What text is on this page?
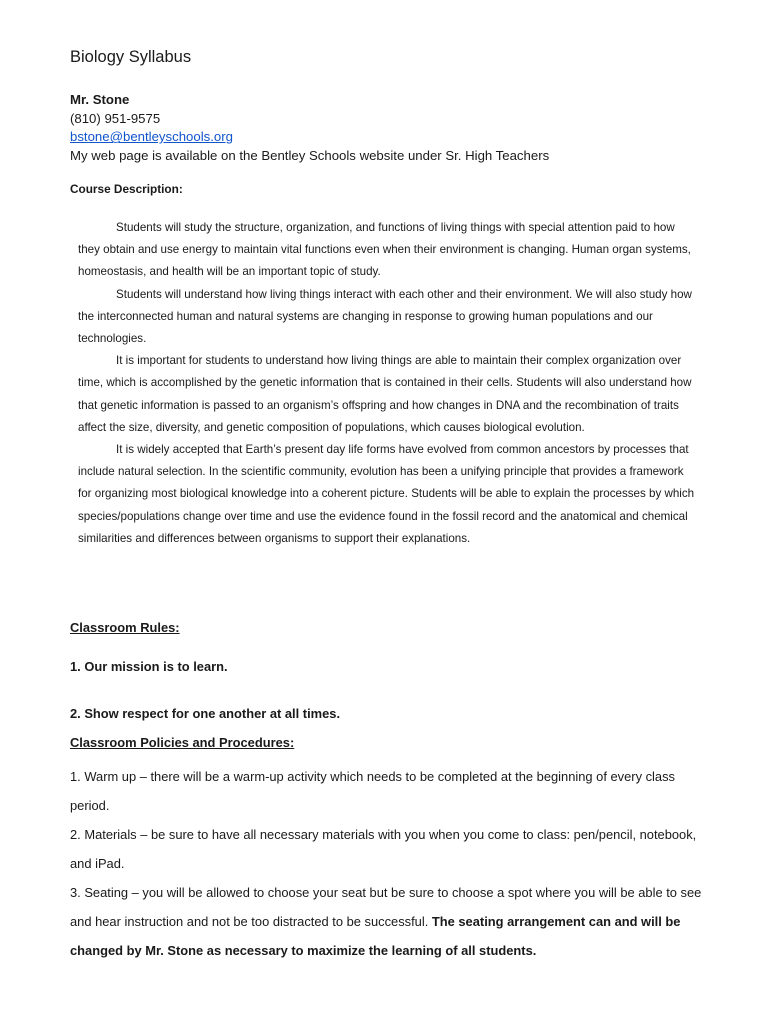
Biology Syllabus
Mr. Stone
(810) 951-9575
bstone@bentleyschools.org
My web page is available on the Bentley Schools website under Sr. High Teachers
Course Description:

Students will study the structure, organization, and functions of living things with special attention paid to how they obtain and use energy to maintain vital functions even when their environment is changing. Human organ systems, homeostasis, and health will be an important topic of study.

Students will understand how living things interact with each other and their environment. We will also study how the interconnected human and natural systems are changing in response to growing human populations and our technologies.

It is important for students to understand how living things are able to maintain their complex organization over time, which is accomplished by the genetic information that is contained in their cells. Students will also understand how that genetic information is passed to an organism’s offspring and how changes in DNA and the recombination of traits affect the size, diversity, and genetic composition of populations, which causes biological evolution.

It is widely accepted that Earth’s present day life forms have evolved from common ancestors by processes that include natural selection. In the scientific community, evolution has been a unifying principle that provides a framework for organizing most biological knowledge into a coherent picture. Students will be able to explain the processes by which species/populations change over time and use the evidence found in the fossil record and the anatomical and chemical similarities and differences between organisms to support their explanations.

Classroom Rules:
1. Our mission is to learn.
2. Show respect for one another at all times.
Classroom Policies and Procedures:

1. Warm up – there will be a warm-up activity which needs to be completed at the beginning of every class period.

2. Materials – be sure to have all necessary materials with you when you come to class: pen/pencil, notebook, and iPad.

3. Seating – you will be allowed to choose your seat but be sure to choose a spot where you will be able to see and hear instruction and not be too distracted to be successful. The seating arrangement can and will be changed by Mr. Stone as necessary to maximize the learning of all students.
